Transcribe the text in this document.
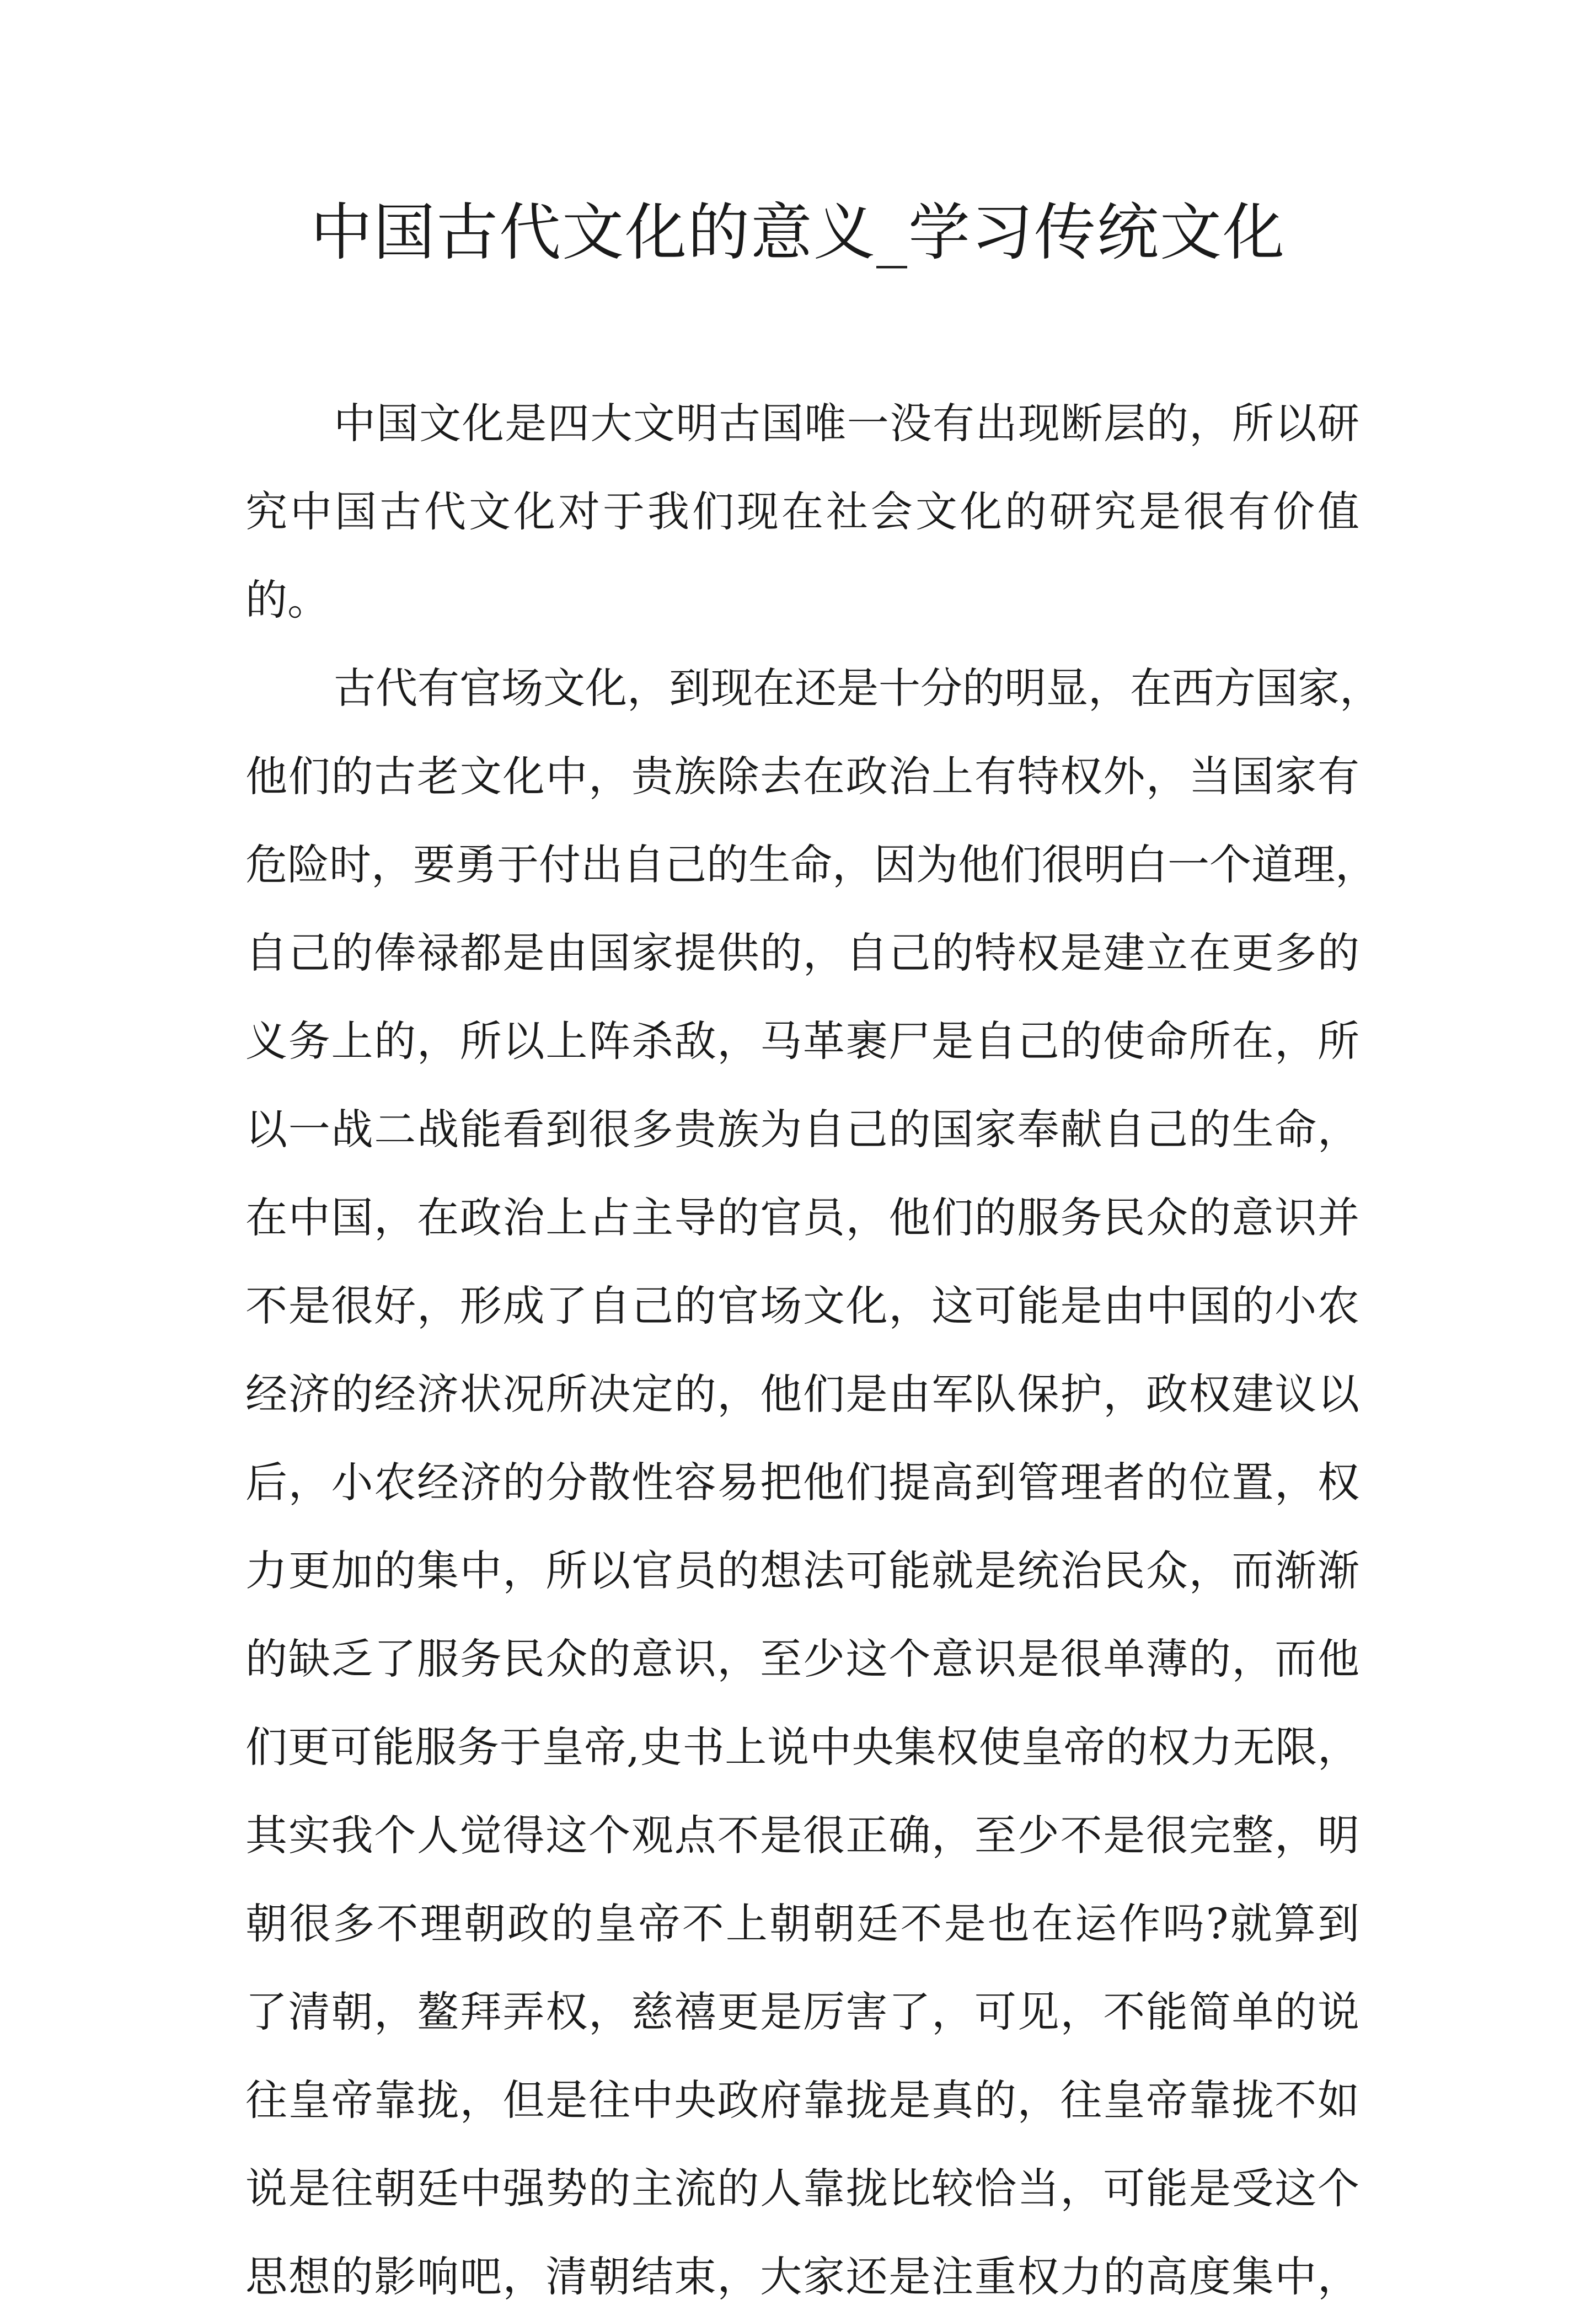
中国古代文化的意义_学习传统文化
中国文化是四大文明古国唯一没有出现断层的，所以研
究中国古代文化对于我们现在社会文化的研究是很有价值
的。
古代有官场文化，到现在还是十分的明显，在西方国家，
他们的古老文化中，贵族除去在政治上有特权外，当国家有
危险时，要勇于付出自己的生命，因为他们很明白一个道理，
自己的俸禄都是由国家提供的，自己的特权是建立在更多的
义务上的，所以上阵杀敌，马革裹尸是自己的使命所在，所
以一战二战能看到很多贵族为自己的国家奉献自己的生命，
在中国，在政治上占主导的官员，他们的服务民众的意识并
不是很好，形成了自己的官场文化，这可能是由中国的小农
经济的经济状况所决定的，他们是由军队保护，政权建议以
后，小农经济的分散性容易把他们提高到管理者的位置，权
力更加的集中，所以官员的想法可能就是统治民众，而渐渐
的缺乏了服务民众的意识，至少这个意识是很单薄的，而他
们更可能服务于皇帝,史书上说中央集权使皇帝的权力无限，
其实我个人觉得这个观点不是很正确，至少不是很完整，明
朝很多不理朝政的皇帝不上朝朝廷不是也在运作吗?就算到
了清朝，鳌拜弄权，慈禧更是厉害了，可见，不能简单的说
往皇帝靠拢，但是往中央政府靠拢是真的，往皇帝靠拢不如
说是往朝廷中强势的主流的人靠拢比较恰当，可能是受这个
思想的影响吧，清朝结束，大家还是注重权力的高度集中，
